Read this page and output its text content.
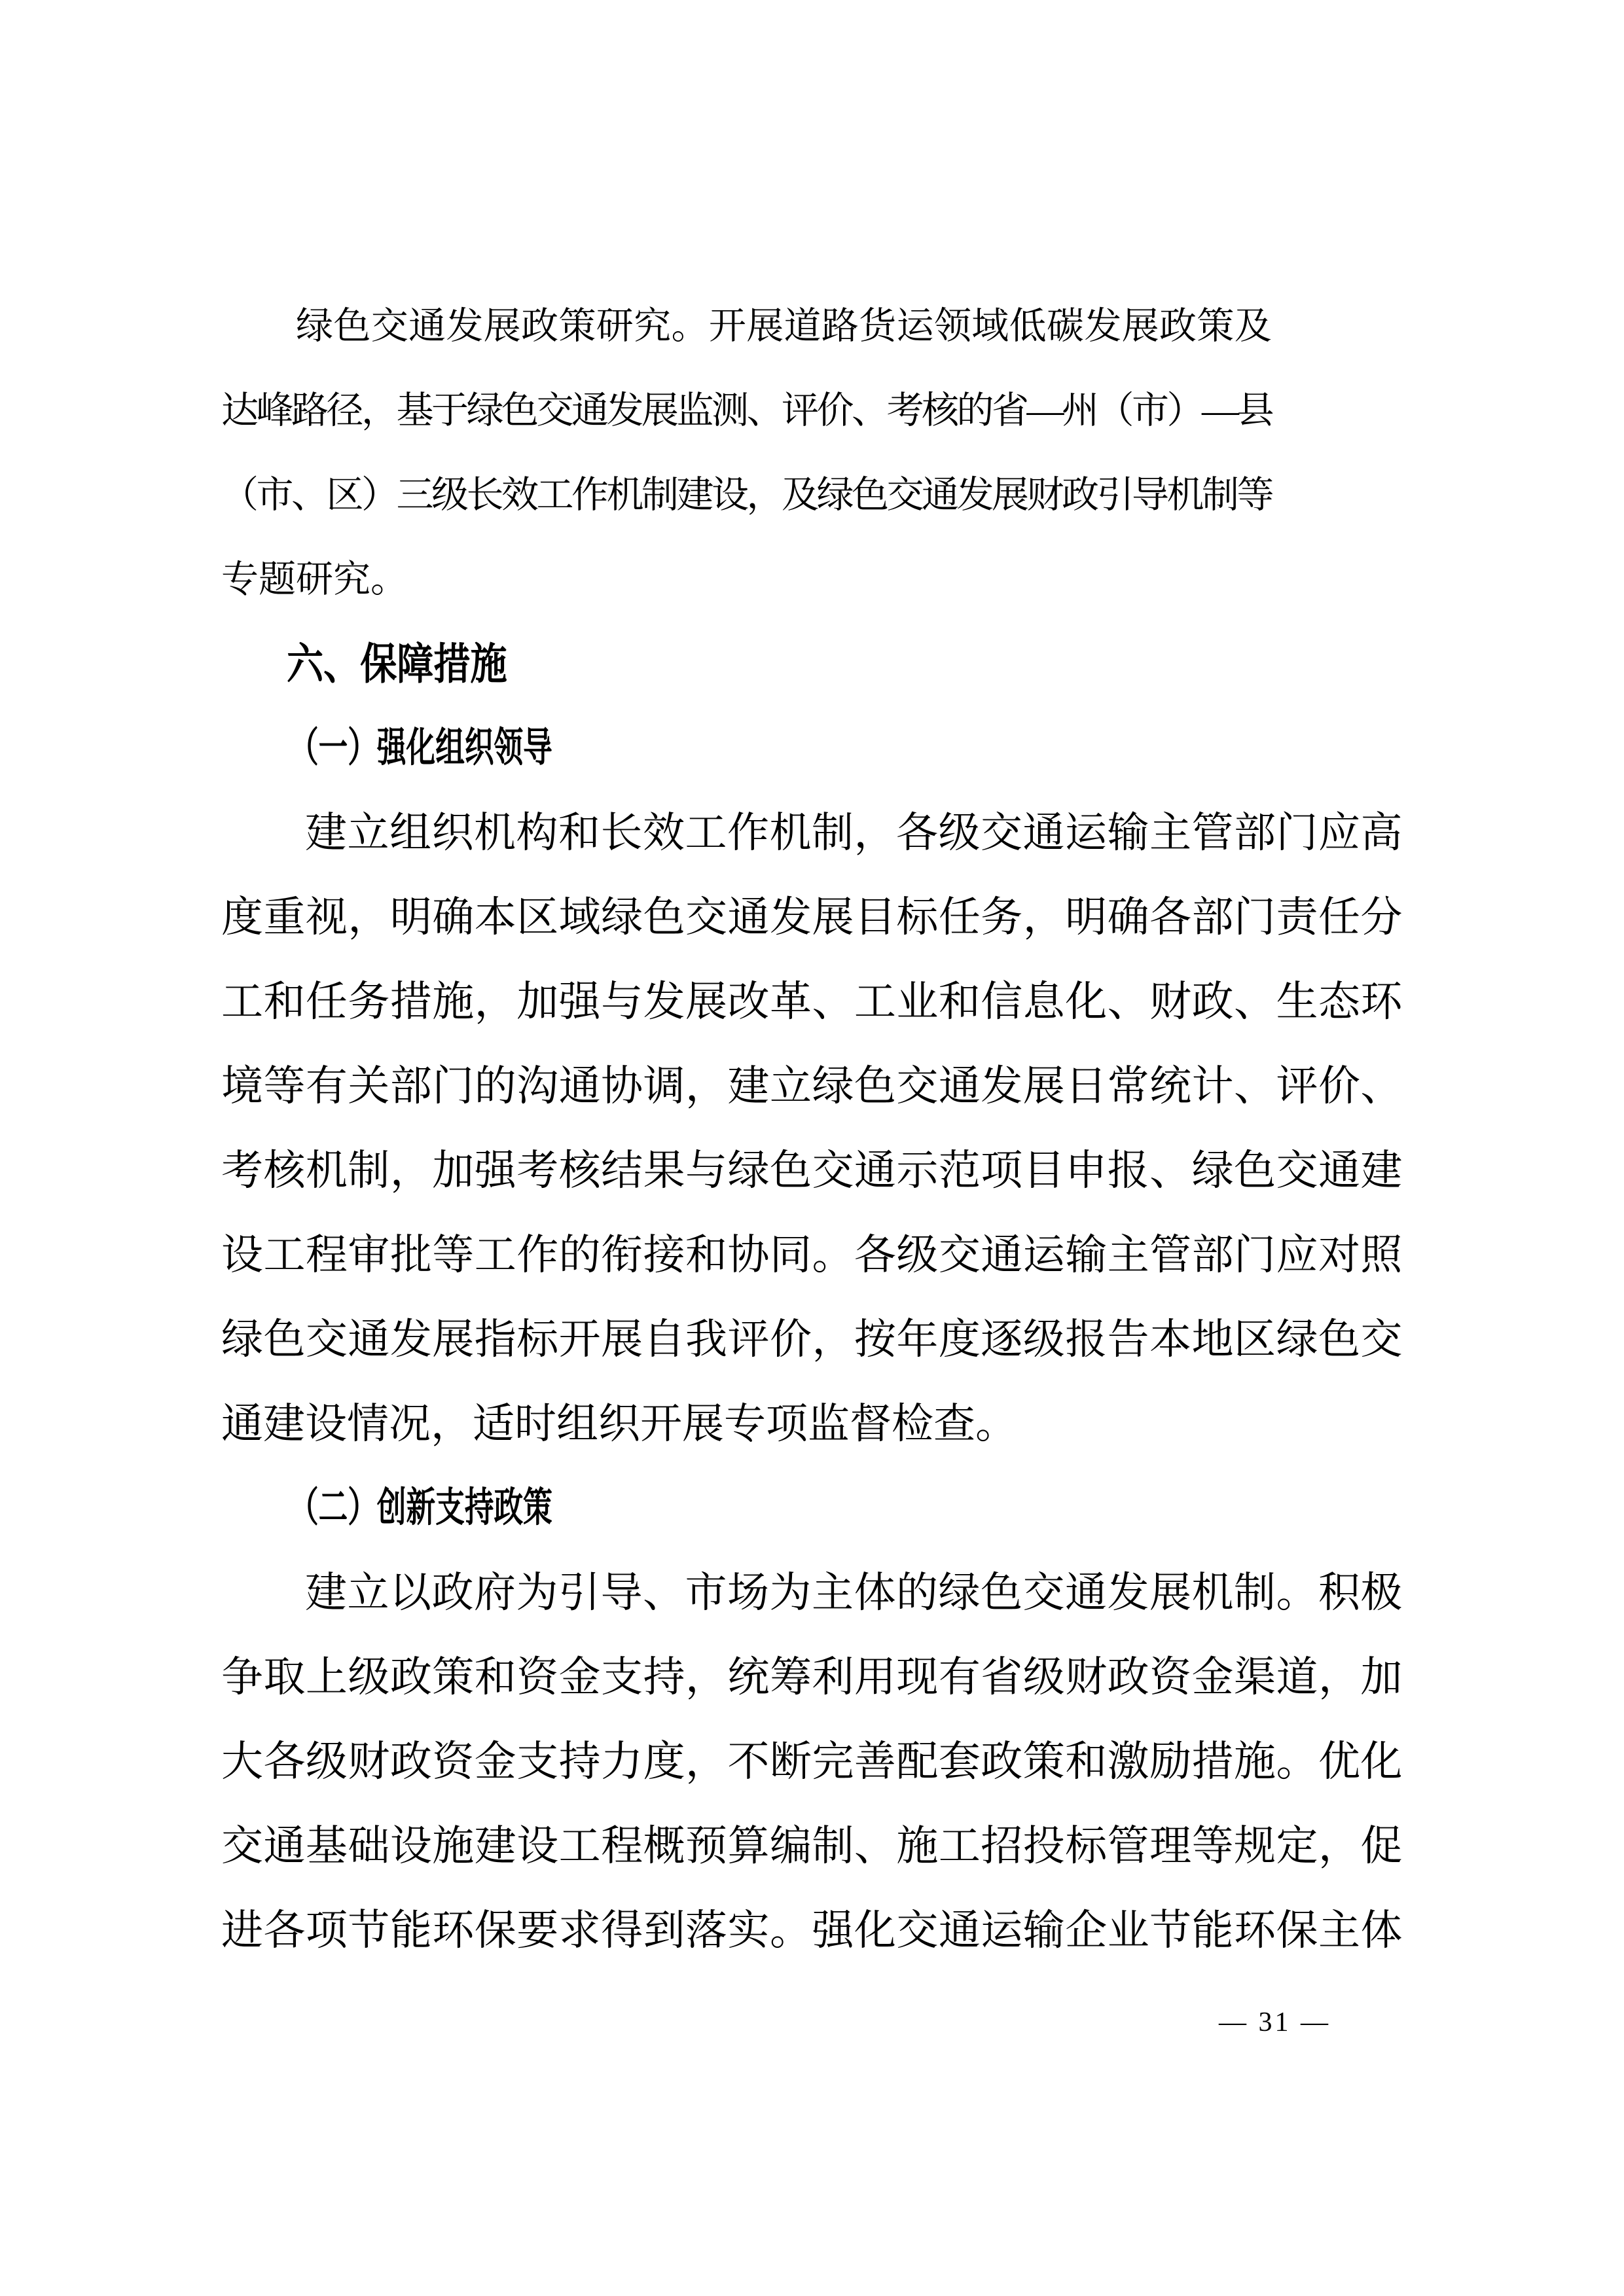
绿色交通发展政策研究。开展道路货运领域低碳发展政策及
达峰路径，基于绿色交通发展监测、评价、考核的省—州（市）—县
（市、区）三级长效工作机制建设，及绿色交通发展财政引导机制等
专题研究。
六、保障措施
（一）强化组织领导
建立组织机构和长效工作机制，各级交通运输主管部门应高
度重视，明确本区域绿色交通发展目标任务，明确各部门责任分
工和任务措施，加强与发展改革、工业和信息化、财政、生态环
境等有关部门的沟通协调，建立绿色交通发展日常统计、评价、
考核机制，加强考核结果与绿色交通示范项目申报、绿色交通建
设工程审批等工作的衔接和协同。各级交通运输主管部门应对照
绿色交通发展指标开展自我评价，按年度逐级报告本地区绿色交
通建设情况，适时组织开展专项监督检查。
（二）创新支持政策
建立以政府为引导、市场为主体的绿色交通发展机制。积极
争取上级政策和资金支持，统筹利用现有省级财政资金渠道，加
大各级财政资金支持力度，不断完善配套政策和激励措施。优化
交通基础设施建设工程概预算编制、施工招投标管理等规定，促
进各项节能环保要求得到落实。强化交通运输企业节能环保主体
— 31 —
